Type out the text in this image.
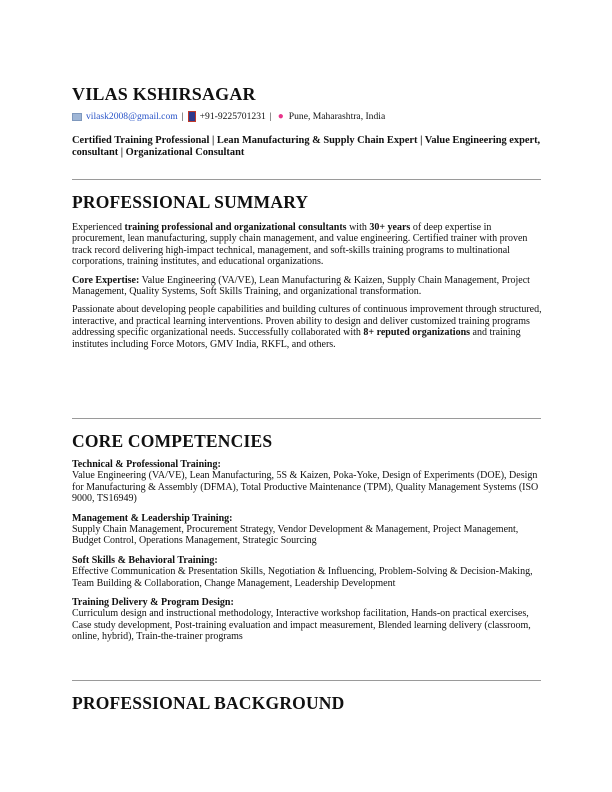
VILAS KSHIRSAGAR
vilask2008@gmail.com | +91-9225701231 | ● Pune, Maharashtra, India
Certified Training Professional | Lean Manufacturing & Supply Chain Expert | Value Engineering expert, consultant | Organizational Consultant
PROFESSIONAL SUMMARY

Experienced training professional and organizational consultants with 30+ years of deep expertise in procurement, lean manufacturing, supply chain management, and value engineering. Certified trainer with proven track record delivering high-impact technical, management, and soft-skills training programs to multinational corporations, training institutes, and educational organizations.

Core Expertise: Value Engineering (VA/VE), Lean Manufacturing & Kaizen, Supply Chain Management, Project Management, Quality Systems, Soft Skills Training, and organizational transformation.

Passionate about developing people capabilities and building cultures of continuous improvement through structured, interactive, and practical learning interventions. Proven ability to design and deliver customized training programs addressing specific organizational needs. Successfully collaborated with 8+ reputed organizations and training institutes including Force Motors, GMV India, RKFL, and others.

CORE COMPETENCIES
Technical & Professional Training:
Value Engineering (VA/VE), Lean Manufacturing, 5S & Kaizen, Poka-Yoke, Design of Experiments (DOE), Design for Manufacturing & Assembly (DFMA), Total Productive Maintenance (TPM), Quality Management Systems (ISO 9000, TS16949)
Management & Leadership Training:
Supply Chain Management, Procurement Strategy, Vendor Development & Management, Project Management, Budget Control, Operations Management, Strategic Sourcing
Soft Skills & Behavioral Training:
Effective Communication & Presentation Skills, Negotiation & Influencing, Problem-Solving & Decision-Making, Team Building & Collaboration, Change Management, Leadership Development
Training Delivery & Program Design:
Curriculum design and instructional methodology, Interactive workshop facilitation, Hands-on practical exercises, Case study development, Post-training evaluation and impact measurement, Blended learning delivery (classroom, online, hybrid), Train-the-trainer programs
PROFESSIONAL BACKGROUND
